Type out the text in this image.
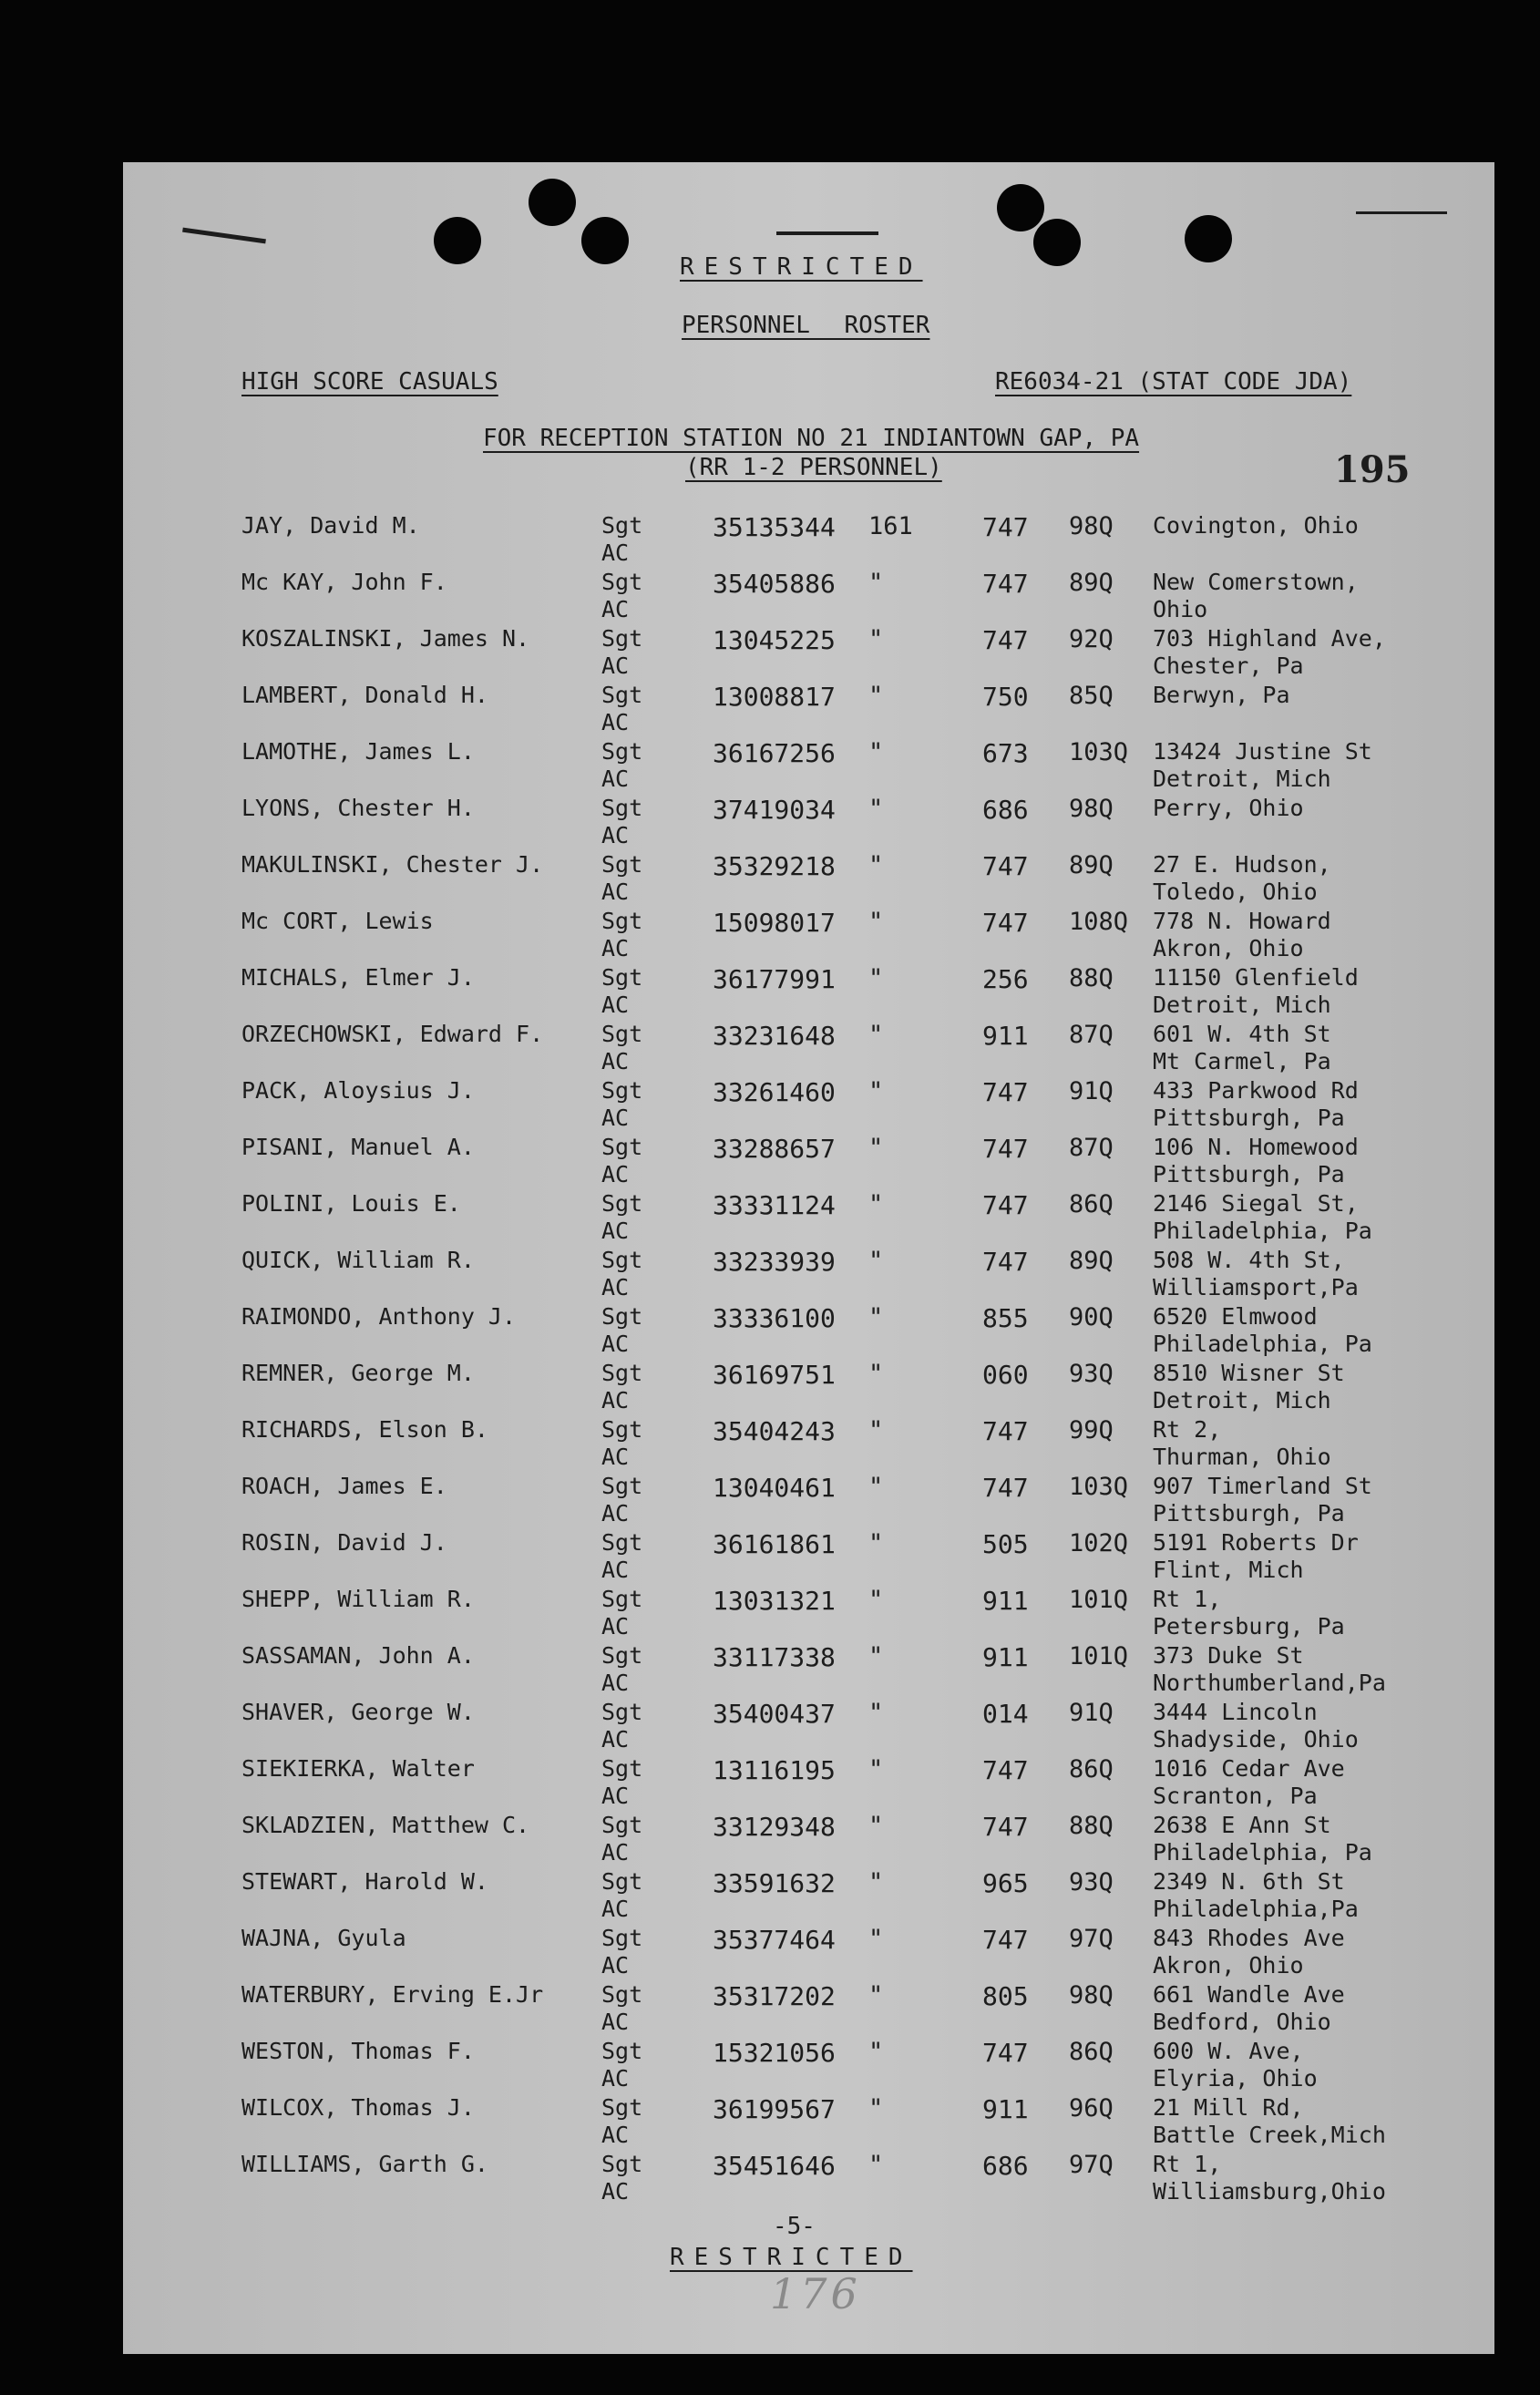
RESTRICTED
PERSONNEL ROSTER
HIGH SCORE CASUALS	RE6034-21 (STAT CODE JDA)
FOR RECEPTION STATION NO 21 INDIANTOWN GAP, PA
(RR 1-2 PERSONNEL)	195
JAY, David M.	Sgt
AC
35135344 161	747 98Q Covington, Ohio
Mc KAY, John F.	Sgt
AC
35405886 "	747 89Q New Comerstown,
Ohio
KOSZALINSKI, James N.	Sgt
AC
13045225 "	747 92Q 703 Highland Ave,
Chester, Pa
LAMBERT, Donald H.	Sgt
AC
13008817 "	750 85Q Berwyn, Pa
LAMOTHE, James L.	Sgt
AC
36167256 "	673 103Q 13424 Justine St
Detroit, Mich
LYONS, Chester H.	Sgt
AC
37419034 "	686 98Q Perry, Ohio
MAKULINSKI, Chester J.	Sgt
AC
35329218 "	747 89Q 27 E. Hudson,
Toledo, Ohio
Mc CORT, Lewis	Sgt
AC
15098017 "	747 108Q 778 N. Howard
Akron, Ohio
MICHALS, Elmer J.	Sgt
AC
36177991 "	256 88Q 11150 Glenfield
Detroit, Mich
ORZECHOWSKI, Edward F.	Sgt
AC
33231648 "	911 87Q 601 W. 4th St
Mt Carmel, Pa
PACK, Aloysius J.	Sgt
AC
33261460 "	747 91Q 433 Parkwood Rd
Pittsburgh, Pa
PISANI, Manuel A.	Sgt
AC
33288657 "	747 87Q 106 N. Homewood
Pittsburgh, Pa
POLINI, Louis E.	Sgt
AC
33331124 "	747 86Q 2146 Siegal St,
Philadelphia, Pa
QUICK, William R.	Sgt
AC
33233939 "	747 89Q 508 W. 4th St,
Williamsport,Pa
RAIMONDO, Anthony J.	Sgt
AC
33336100 "	855 90Q 6520 Elmwood
Philadelphia, Pa
REMNER, George M.	Sgt
AC
36169751 "	060 93Q 8510 Wisner St
Detroit, Mich
RICHARDS, Elson B.	Sgt
AC
35404243 "	747 99Q Rt 2,
Thurman, Ohio
ROACH, James E.	Sgt
AC
13040461 "	747 103Q 907 Timerland St
Pittsburgh, Pa
ROSIN, David J.	Sgt
AC
36161861 "	505 102Q 5191 Roberts Dr
Flint, Mich
SHEPP, William R.	Sgt
AC
13031321 "	911 101Q Rt 1,
Petersburg, Pa
SASSAMAN, John A.	Sgt
AC
33117338 "	911 101Q 373 Duke St
Northumberland,Pa
SHAVER, George W.	Sgt
AC
35400437 "	014 91Q 3444 Lincoln
Shadyside, Ohio
SIEKIERKA, Walter	Sgt
AC
13116195 "	747 86Q 1016 Cedar Ave
Scranton, Pa
SKLADZIEN, Matthew C.	Sgt
AC
33129348 "	747 88Q 2638 E Ann St
Philadelphia, Pa
STEWART, Harold W.	Sgt
AC
33591632 "	965 93Q 2349 N. 6th St
Philadelphia,Pa
WAJNA, Gyula	Sgt
AC
35377464 "	747 97Q 843 Rhodes Ave
Akron, Ohio
WATERBURY, Erving E.Jr	Sgt
AC
35317202 "	805 98Q 661 Wandle Ave
Bedford, Ohio
WESTON, Thomas F.	Sgt
AC
15321056 "	747 86Q 600 W. Ave,
Elyria, Ohio
WILCOX, Thomas J.	Sgt
AC
36199567 "	911 96Q 21 Mill Rd,
Battle Creek,Mich
WILLIAMS, Garth G.	Sgt
AC
35451646 "	686 97Q Rt 1,
Williamsburg,Ohio
-5-
RESTRICTED
176
